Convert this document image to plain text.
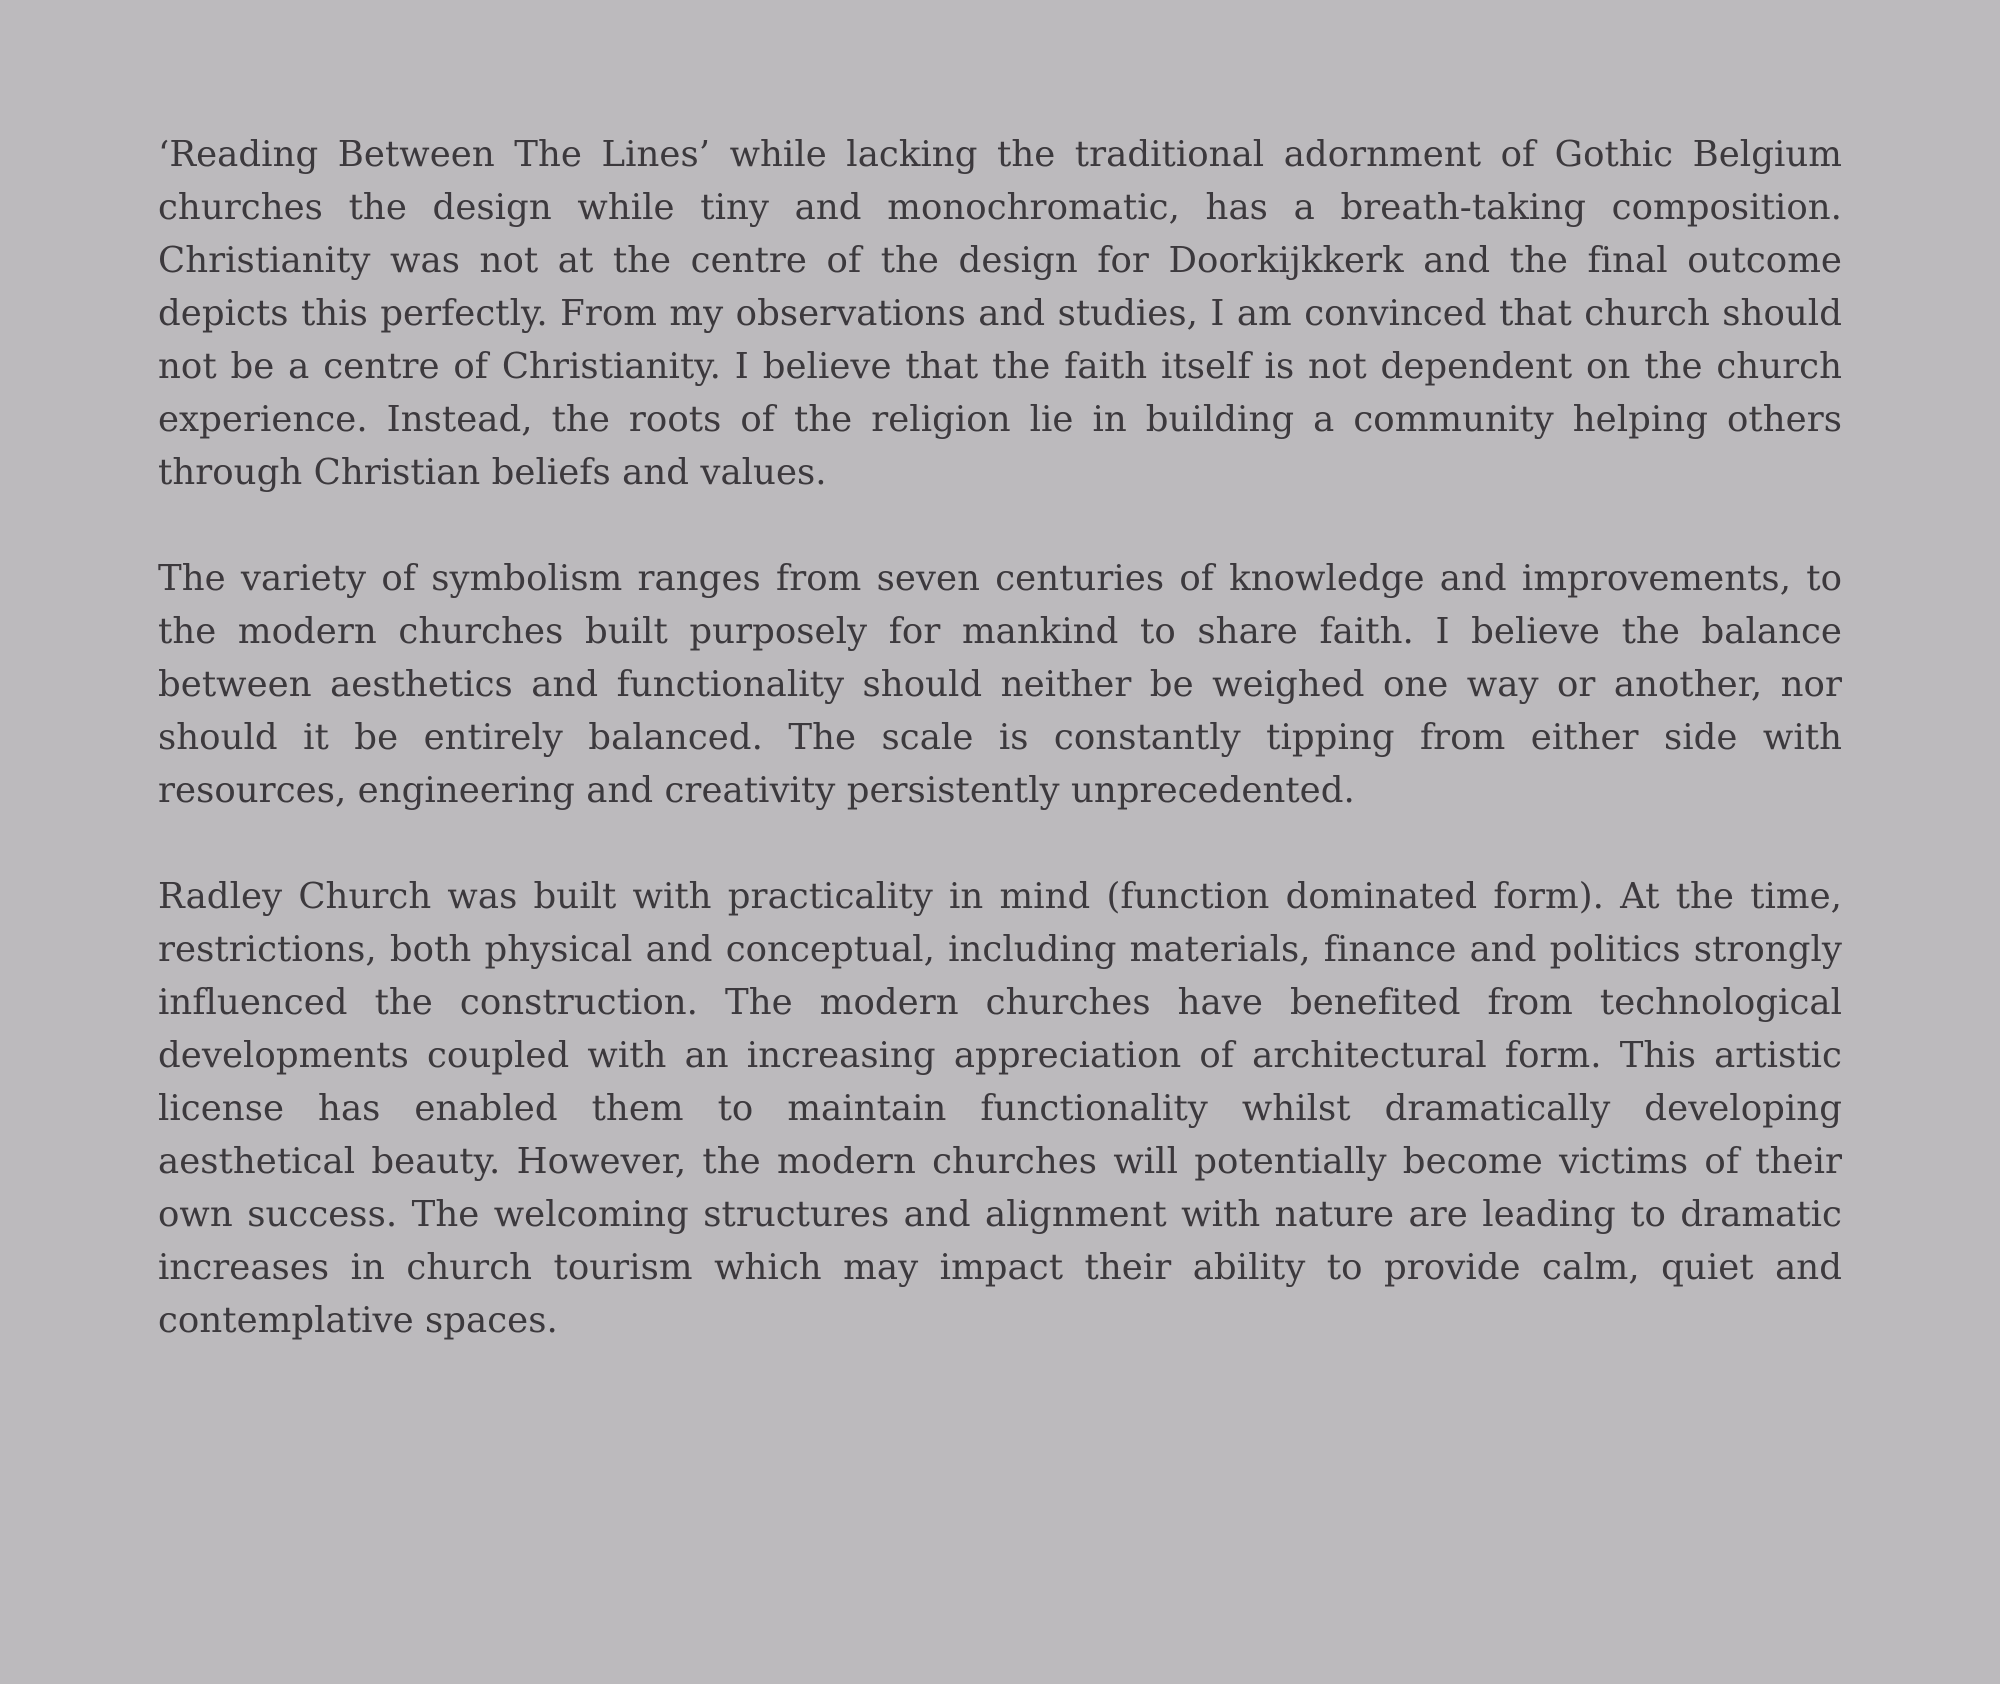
‘Reading Between The Lines’ while lacking the traditional adornment of Gothic Belgium churches the design while tiny and monochromatic, has a breath-taking composition. Christianity was not at the centre of the design for Doorkijkkerk and the final outcome depicts this perfectly. From my observations and studies, I am convinced that church should not be a centre of Christianity. I believe that the faith itself is not dependent on the church experience. Instead, the roots of the religion lie in building a community helping others through Christian beliefs and values.

The variety of symbolism ranges from seven centuries of knowledge and improvements, to the modern churches built purposely for mankind to share faith. I believe the balance between aesthetics and functionality should neither be weighed one way or another, nor should it be entirely balanced. The scale is constantly tipping from either side with resources, engineering and creativity persistently unprecedented.

Radley Church was built with practicality in mind (function dominated form). At the time, restrictions, both physical and conceptual, including materials, finance and politics strongly influenced the construction. The modern churches have benefited from technological developments coupled with an increasing appreciation of architectural form. This artistic license has enabled them to maintain functionality whilst dramatically developing aesthetical beauty. However, the modern churches will potentially become victims of their own success. The welcoming structures and alignment with nature are leading to dramatic increases in church tourism which may impact their ability to provide calm, quiet and contemplative spaces.
